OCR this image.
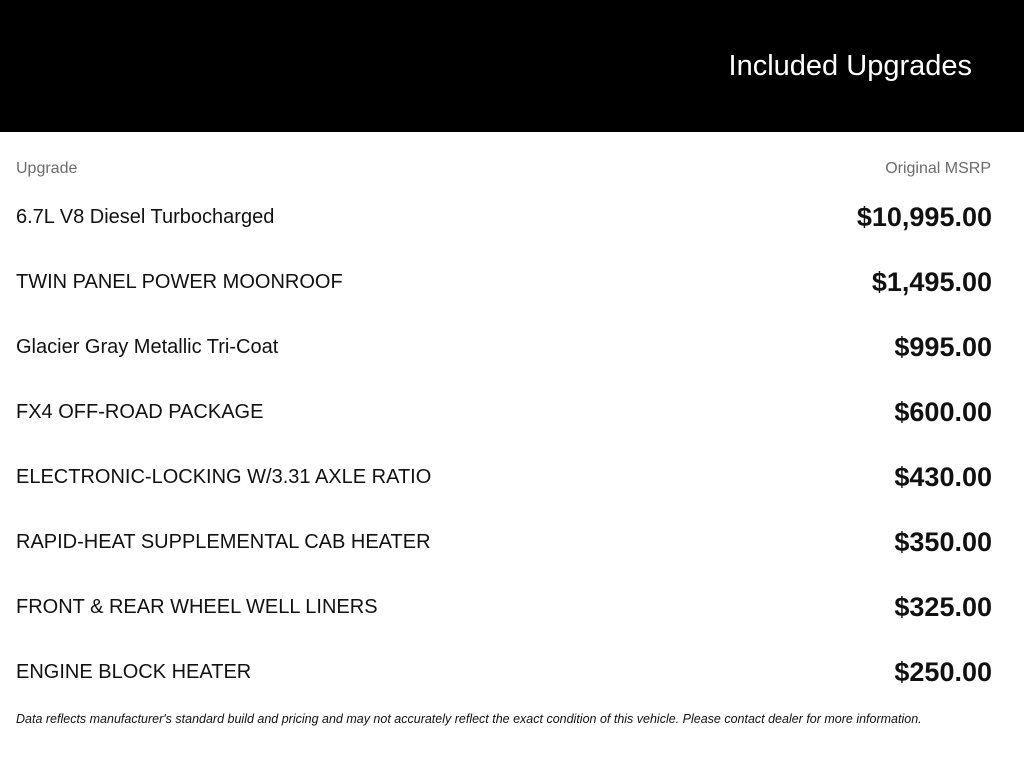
Included Upgrades
Upgrade	Original MSRP
6.7L V8 Diesel Turbocharged	$10,995.00
TWIN PANEL POWER MOONROOF	$1,495.00
Glacier Gray Metallic Tri-Coat	$995.00
FX4 OFF-ROAD PACKAGE	$600.00
ELECTRONIC-LOCKING W/3.31 AXLE RATIO	$430.00
RAPID-HEAT SUPPLEMENTAL CAB HEATER	$350.00
FRONT & REAR WHEEL WELL LINERS	$325.00
ENGINE BLOCK HEATER	$250.00
Data reflects manufacturer's standard build and pricing and may not accurately reflect the exact condition of this vehicle. Please contact dealer for more information.
